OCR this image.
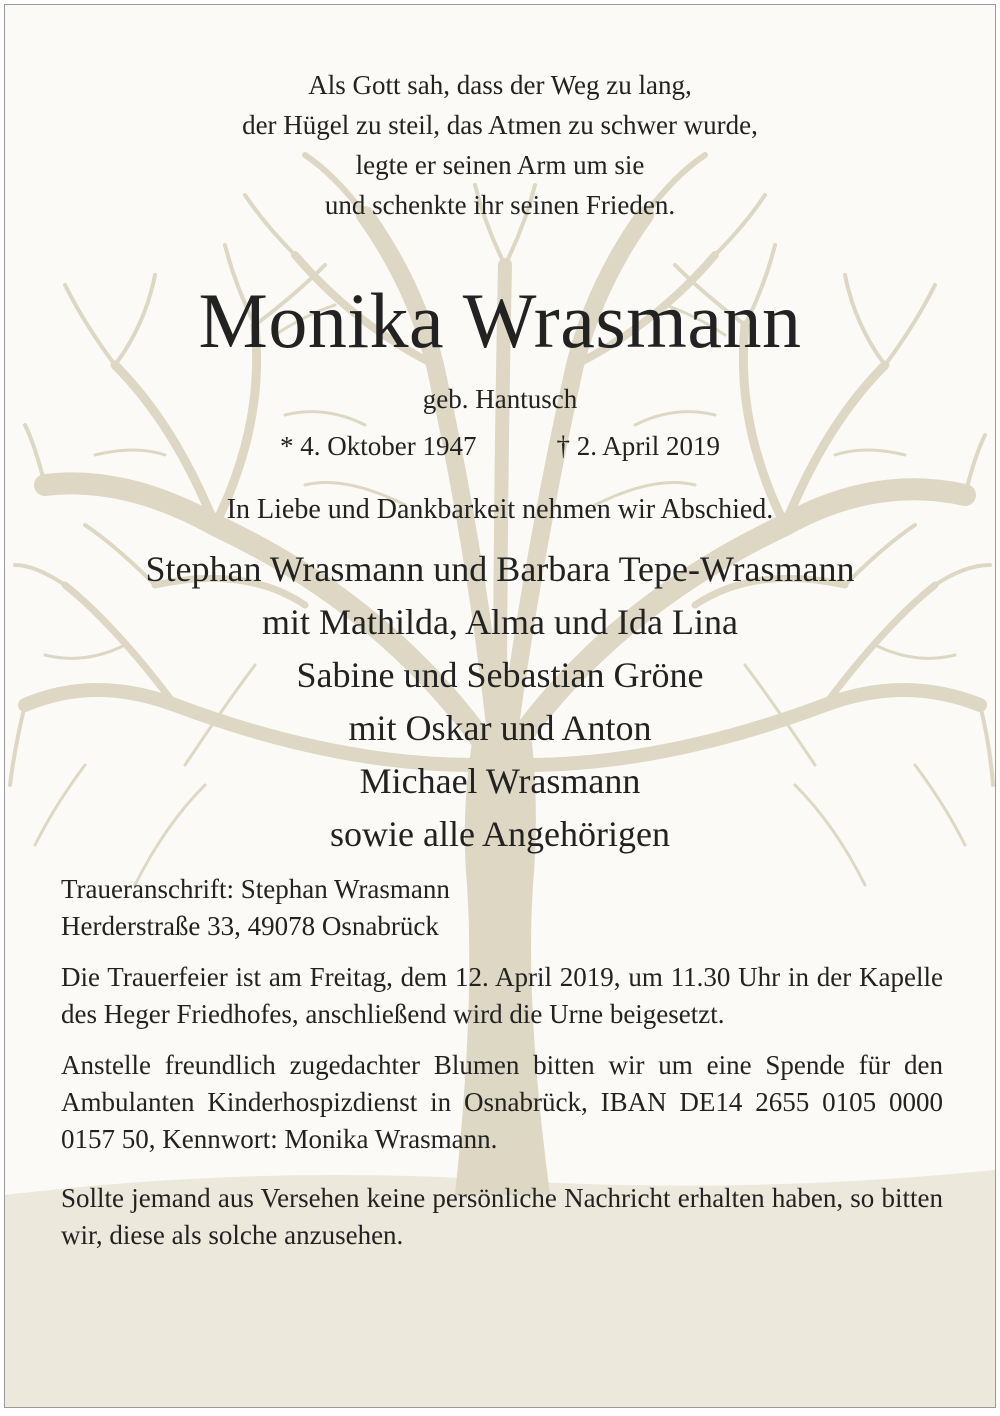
Als Gott sah, dass der Weg zu lang,
der Hügel zu steil, das Atmen zu schwer wurde,
legte er seinen Arm um sie
und schenkte ihr seinen Frieden.
Monika Wrasmann
geb. Hantusch
* 4. Oktober 1947	† 2. April 2019
In Liebe und Dankbarkeit nehmen wir Abschied.
Stephan Wrasmann und Barbara Tepe-Wrasmann
mit Mathilda, Alma und Ida Lina
Sabine und Sebastian Gröne
mit Oskar und Anton
Michael Wrasmann
sowie alle Angehörigen
Traueranschrift: Stephan Wrasmann
Herderstraße 33, 49078 Osnabrück
Die Trauerfeier ist am Freitag, dem 12. April 2019, um 11.30 Uhr in der Kapelle des Heger Friedhofes, anschließend wird die Urne beigesetzt.
Anstelle freundlich zugedachter Blumen bitten wir um eine Spende für den Ambulanten Kinderhospizdienst in Osnabrück, IBAN DE14 2655 0105 0000 0157 50, Kennwort: Monika Wrasmann.
Sollte jemand aus Versehen keine persönliche Nachricht erhalten haben, so bitten wir, diese als solche anzusehen.
